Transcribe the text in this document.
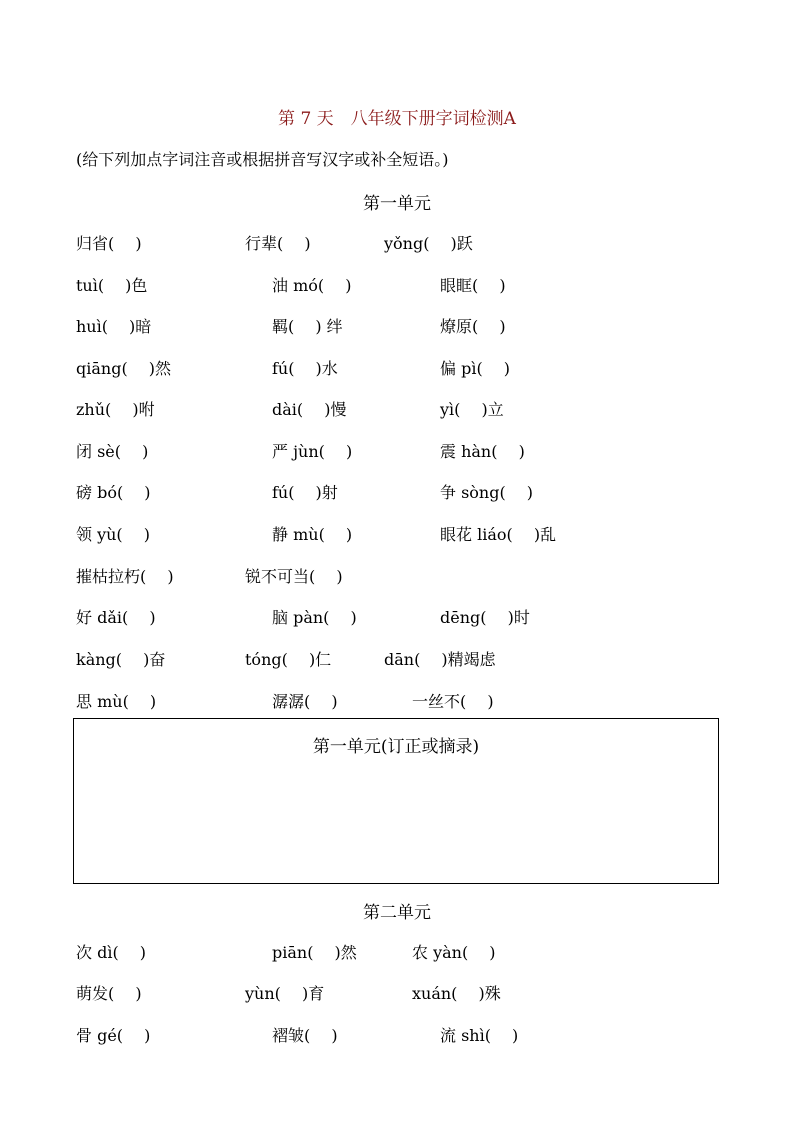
第 7 天　八年级下册字词检测A
(给下列加点字词注音或根据拼音写汉字或补全短语。)
第一单元
归省(　 )	行辈(　 )	yǒng(　 )跃
tuì(　 )色	油 mó(　 )	眼眶(　 )
huì(　 )暗	羁(　 ) 绊	燎原(　 )
qiāng(　 )然	fú(　 )水	偏 pì(　 )
zhǔ(　 )咐	dài(　 )慢	yì(　 )立
闭 sè(　 )	严 jùn(　 )	震 hàn(　 )
磅 bó(　 )	fú(　 )射	争 sòng(　 )
领 yù(　 )	静 mù(　 )	眼花 liáo(　 )乱
摧枯拉朽(　 )	锐不可当(　 )
好 dǎi(　 )	脑 pàn(　 )	dēng(　 )时
kàng(　 )奋	tóng(　 )仁	dān(　 )精竭虑
思 mù(　 )	潺潺(　 )	一丝不(　 )
第一单元(订正或摘录)
第二单元
次 dì(　 )	piān(　 )然	农 yàn(　 )
萌发(　 )	yùn(　 )育	xuán(　 )殊
骨 gé(　 )	褶皱(　 )	流 shì(　 )
